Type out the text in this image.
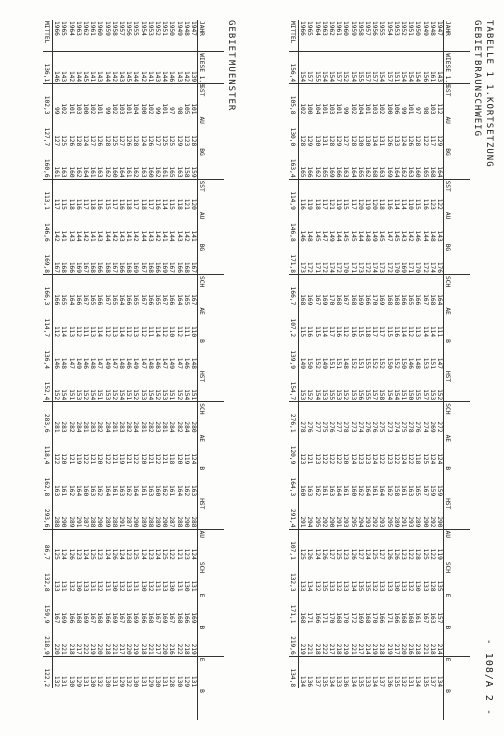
TABELLE 1 1.KORTSETZUNG
- 108/A 2 -
GEBIET
BRAUNSCHWEIG
JAHR	WIESE 1.S	SST	AU	BG	SST	AU	BG	SCH	AE	B	HST	SCH	AE	B	HST	AU	SCH	E	B	E	B
1947	143	112	129	164	122	143	176	164	111	147	152	272	124	159	290	119	135	157	214	134	
1948	161	103	117	168	123	148	174	168	114	151	153	269	124	159	292	122	128	163	218	137	
1949	156	98	122	165	116	144	172	167	114	153	157	274	125	167	290	125	133	167	221	135	
1950	154	97	128	160	115	146	170	166	113	148	155	276	118	165	289	128	130	161	218	134	
1951	154	101	126	163	110	142	171	165	112	146	150	278	122	163	293	122	132	168	216	131	
1952	154	99	124	162	114	143	169	166	114	150	151	275	124	161	291	123	133	168	220	132	
1953	151	106	133	164	114	145	170	168	116	152	154	274	122	158	289	126	130	166	217	135	
1954	157	100	126	169	116	147	172	168	115	150	154	273	123	162	295	126	133	171	219	136	
1955	154	102	131	163	118	145	173	169	117	152	158	275	122	164	293	127	133	166	218	137	
1956	157	103	134	168	120	149	174	170	117	152	157	276	124	161	292	125	132	170	219	134	
1957	157	101	130	162	119	148	172	166	118	155	155	276	123	164	293	124	135	168	214	133	
1958	155	104	130	165	120	144	173	169	115	151	156	274	123	162	294	127	135	169	217	135	
1959	154	102	128	164	117	145	171	168	116	152	153	273	124	160	295	126	134	172	221	134	
1960	152	99	127	163	115	145	170	167	112	148	152	278	120	161	293	123	133	170	219	136	
1961	157	101	129	166	119	144	172	168	116	151	153	277	122	164	291	125	132	168	218	133	
1962	154	103	128	169	121	149	174	170	117	151	155	276	122	163	290	127	133	170	217	134	
1963	154	101	131	165	117	147	172	169	114	149	153	275	122	161	292	126	135	171	222	135	
1964	155	104	130	162	118	145	171	167	115	152	154	277	123	162	295	124	132	166	218	137	
1965	157	100	129	166	119	148	172	169	116	150	152	276	121	163	294	126	134	171	221	136	
1966	154	102	128	165	116	146	173	168	115	149	153	278	123	160	291	125	133	168	219	134	
MITTEL	156,4	105,8	130,0	163,4	114,9	146,8	171,8	166,7	107,2	139,9	154,7	276,1	120,9	164,3	291,4	107,1	132,3	171,1	219,6	134,8	
GEBIET
MUENSTER
JAHR	WIESE 1.S	SST	AU	BG	SST	AU	BG	SCH	AE	B	HST	SCH	AE	B	HST	AU	SCH	E	B	E	B
1947	139	101	128	159	120	141	167	167	110	148	151	280	124	163	288	124	131	169	219	131	
1948	142	105	123	158	121	142	168	165	111	146	154	284	119	162	290	123	130	166	218	129	
1949	143	98	129	163	118	143	166	164	112	147	152	282	120	164	288	121	131	168	222	130	
1950	146	97	125	165	115	144	167	166	110	149	151	284	118	161	287	122	130	167	216	128	
1951	144	101	125	161	114	141	169	167	112	147	153	281	121	162	290	125	133	169	220	131	
1952	143	99	127	162	116	142	166	165	114	146	152	283	122	160	289	124	131	167	217	130	
1953	141	102	126	160	117	143	168	166	111	148	154	282	121	163	288	123	132	168	221	129	
1954	142	100	124	163	118	144	167	167	112	147	153	281	120	161	289	124	130	166	218	131	
1955	144	104	128	162	117	142	169	165	113	149	152	284	122	164	290	125	131	169	219	130	
1956	145	101	126	161	118	141	168	166	112	146	151	282	121	162	287	123	133	168	220	132	
1957	143	103	127	164	116	143	166	164	114	148	154	283	119	163	291	124	132	167	217	129	
1958	142	102	125	160	117	142	167	165	113	147	152	281	121	161	288	126	130	169	221	131	
1959	144	99	128	162	115	144	168	167	112	149	153	284	122	164	289	124	131	166	218	130	
1960	143	101	126	163	116	143	166	166	114	147	151	282	120	162	290	123	132	168	220	132	
1961	141	102	127	161	118	141	168	165	113	148	154	283	121	163	288	125	131	167	219	130	
1962	145	100	124	164	117	142	167	167	111	146	152	281	122	160	287	124	133	169	222	131	
1963	144	103	128	162	116	144	169	166	112	149	153	284	119	164	291	123	130	168	217	129	
1964	142	101	126	160	118	143	166	164	113	147	151	282	121	162	289	126	132	166	218	130	
1965	143	102	125	163	115	141	168	165	114	148	154	283	120	161	290	124	131	169	221	131	
1966	146	99	127	161	117	142	167	166	112	146	152	281	122	163	288	125	133	167	220	132	
MITTEL	136,1	102,3	127,7	160,6	113,1	146,6	169,8	166,3	114,7	136,4	152,4	283,6	118,4	162,8	293,6	86,7	132,8	159,9	218,9	122,2	
